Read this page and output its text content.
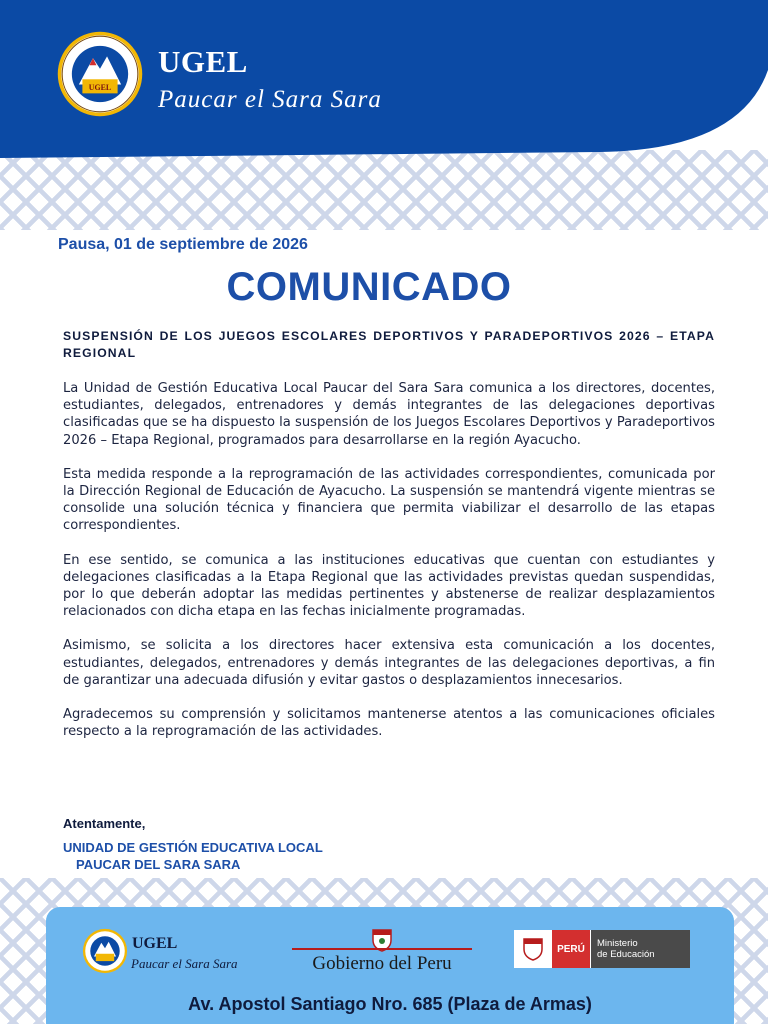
UGEL
UGEL
Paucar el Sara Sara
Pausa, 01 de septiembre de 2026
COMUNICADO
SUSPENSIÓN DE LOS JUEGOS ESCOLARES DEPORTIVOS Y PARADEPORTIVOS 2026 – ETAPA REGIONAL

La Unidad de Gestión Educativa Local Paucar del Sara Sara comunica a los directores, docentes, estudiantes, delegados, entrenadores y demás integrantes de las delegaciones deportivas clasificadas que se ha dispuesto la suspensión de los Juegos Escolares Deportivos y Paradeportivos 2026 – Etapa Regional, programados para desarrollarse en la región Ayacucho.

Esta medida responde a la reprogramación de las actividades correspondientes, comunicada por la Dirección Regional de Educación de Ayacucho. La suspensión se mantendrá vigente mientras se consolide una solución técnica y financiera que permita viabilizar el desarrollo de las etapas correspondientes.

En ese sentido, se comunica a las instituciones educativas que cuentan con estudiantes y delegaciones clasificadas a la Etapa Regional que las actividades previstas quedan suspendidas, por lo que deberán adoptar las medidas pertinentes y abstenerse de realizar desplazamientos relacionados con dicha etapa en las fechas inicialmente programadas.

Asimismo, se solicita a los directores hacer extensiva esta comunicación a los docentes, estudiantes, delegados, entrenadores y demás integrantes de las delegaciones deportivas, a fin de garantizar una adecuada difusión y evitar gastos o desplazamientos innecesarios.

Agradecemos su comprensión y solicitamos mantenerse atentos a las comunicaciones oficiales respecto a la reprogramación de las actividades.

Atentamente,
UNIDAD DE GESTIÓN EDUCATIVA LOCAL
PAUCAR DEL SARA SARA
UGEL
Paucar el Sara Sara	Gobierno del Peru
PERÚ	Ministerio
de Educación
Av. Apostol Santiago Nro. 685 (Plaza de Armas)
